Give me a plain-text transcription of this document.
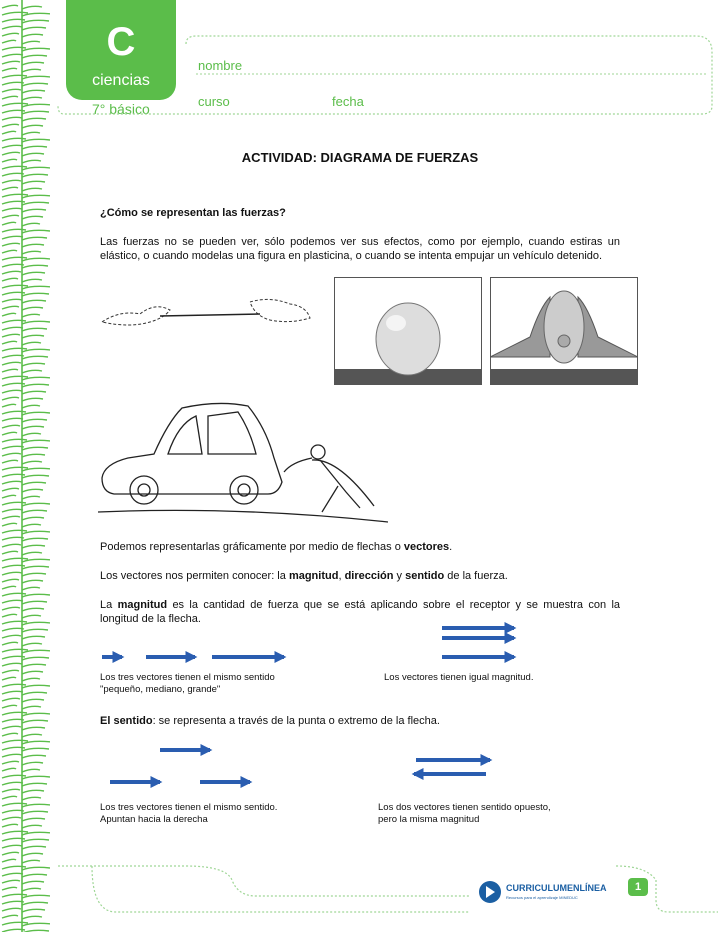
C
ciencias
7° básico
nombre
curso	fecha
ACTIVIDAD: DIAGRAMA DE FUERZAS
¿Cómo se representan las fuerzas?
Las fuerzas no se pueden ver, sólo podemos ver sus efectos, como por ejemplo, cuando estiras un elástico, o cuando modelas una figura en plasticina, o cuando se intenta empujar un vehículo detenido.
Podemos representarlas gráficamente por medio de flechas o vectores.
Los vectores nos permiten conocer: la magnitud, dirección y sentido de la fuerza.
La magnitud es la cantidad de fuerza que se está aplicando sobre el receptor y se muestra con la longitud de la flecha.
Los tres vectores tienen el mismo sentido
"pequeño, mediano, grande"
Los vectores tienen igual magnitud.
El sentido: se representa a través de la punta o extremo de la flecha.
Los tres vectores tienen el mismo sentido.
Apuntan hacia la derecha
Los dos vectores tienen sentido opuesto,
pero la misma magnitud
CURRICULUMENLÍNEA
Recursos para el aprendizaje MINEDUC
1
